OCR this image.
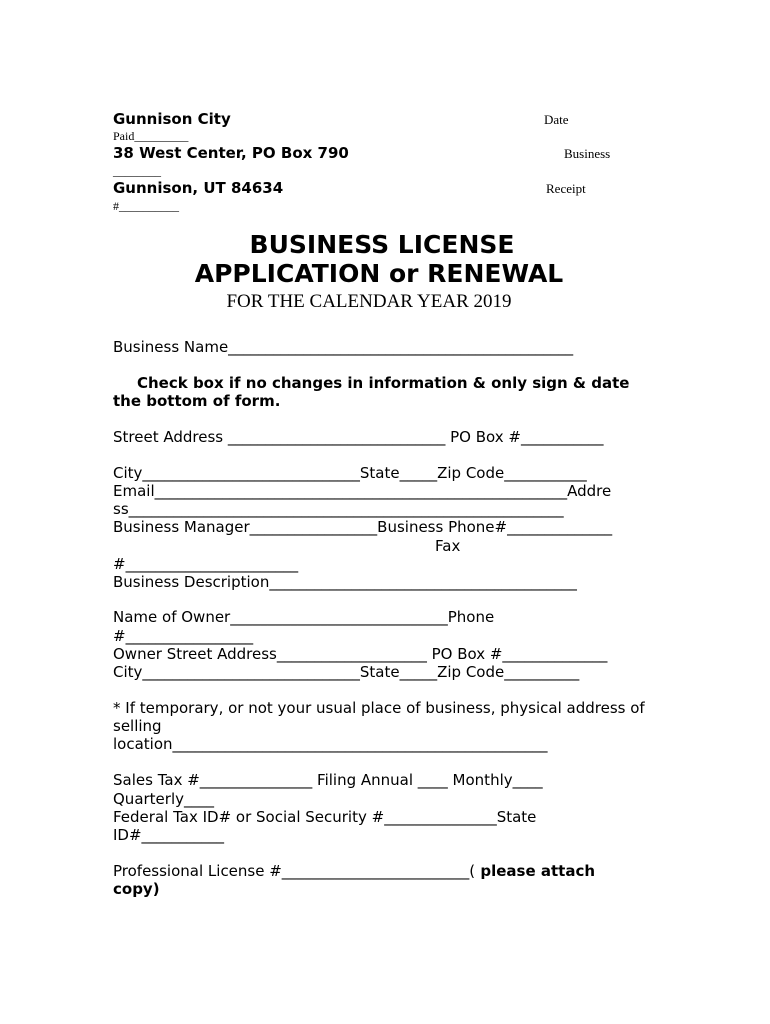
Gunnison City
Paid_________
38 West Center, PO Box 790
________
Gunnison, UT 84634
#__________
Date
Business
Receipt
BUSINESS LICENSE
APPLICATION or RENEWAL
FOR THE CALENDAR YEAR 2019
Business Name______________________________________________
Check box if no changes in information & only sign & date
the bottom of form.
Street Address _____________________________ PO Box #___________
City_____________________________State_____Zip Code___________
Email_______________________________________________________Addre
ss__________________________________________________________
Business Manager_________________Business Phone#______________
Fax
#_______________________
Business Description_________________________________________
Name of Owner_____________________________Phone
#_________________
Owner Street Address____________________ PO Box #______________
City_____________________________State_____Zip Code__________
* If temporary, or not your usual place of business, physical address of
selling
location__________________________________________________
Sales Tax #_______________ Filing Annual ____ Monthly____
Quarterly____
Federal Tax ID# or Social Security #_______________State
ID#___________
Professional License #_________________________( please attach
copy)
